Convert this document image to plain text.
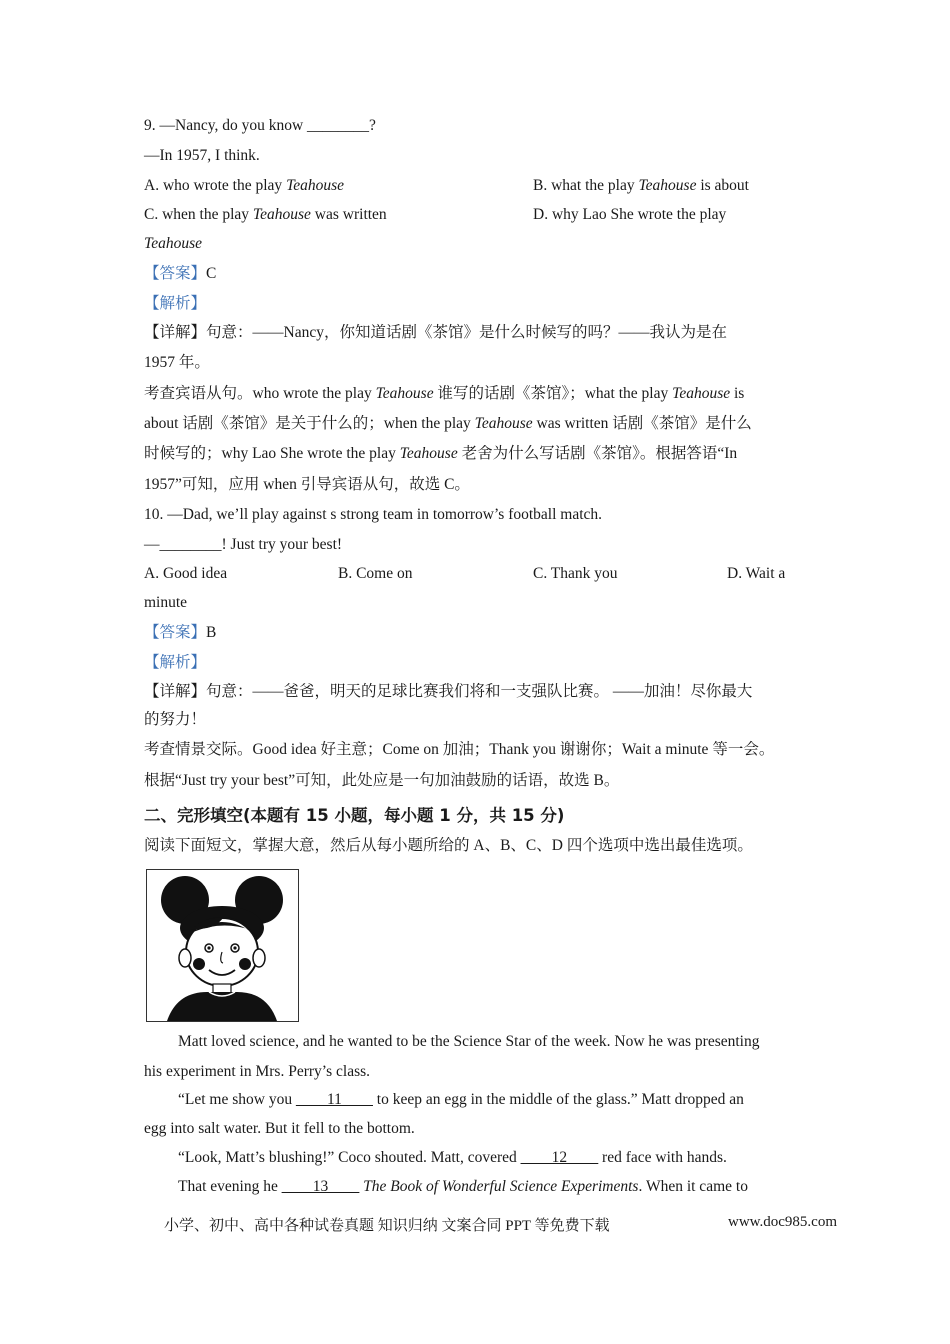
9. —Nancy, do you know ________?
—In 1957, I think.
A. who wrote the play Teahouse	B. what the play Teahouse is about
C. when the play Teahouse was written	D. why Lao She wrote the play
Teahouse
【答案】C
【解析】
【详解】句意：——Nancy，你知道话剧《茶馆》是什么时候写的吗？——我认为是在
1957 年。
考查宾语从句。who wrote the play Teahouse 谁写的话剧《茶馆》；what the play Teahouse is
about 话剧《茶馆》是关于什么的；when the play Teahouse was written 话剧《茶馆》是什么
时候写的；why Lao She wrote the play Teahouse 老舍为什么写话剧《茶馆》。根据答语“In
1957”可知，应用 when 引导宾语从句，故选 C。
10. —Dad, we’ll play against s strong team in tomorrow’s football match.
—________! Just try your best!
A. Good idea	B. Come on	C. Thank you	D. Wait a
minute
【答案】B
【解析】
【详解】句意：——爸爸，明天的足球比赛我们将和一支强队比赛。 ——加油！尽你最大
的努力！
考查情景交际。Good idea 好主意；Come on 加油；Thank you 谢谢你；Wait a minute 等一会。
根据“Just try your best”可知，此处应是一句加油鼓励的话语，故选 B。
二、完形填空(本题有 15 小题，每小题 1 分，共 15 分)
阅读下面短文，掌握大意，然后从每小题所给的 A、B、C、D 四个选项中选出最佳选项。
Matt loved science, and he wanted to be the Science Star of the week. Now he was presenting
his experiment in Mrs. Perry’s class.
“Let me show you ____11____ to keep an egg in the middle of the glass.” Matt dropped an
egg into salt water. But it fell to the bottom.
“Look, Matt’s blushing!” Coco shouted. Matt, covered ____12____ red face with hands.
That evening he ____13____ The Book of Wonderful Science Experiments. When it came to
小学、初中、高中各种试卷真题 知识归纳 文案合同 PPT 等免费下载	www.doc985.com
